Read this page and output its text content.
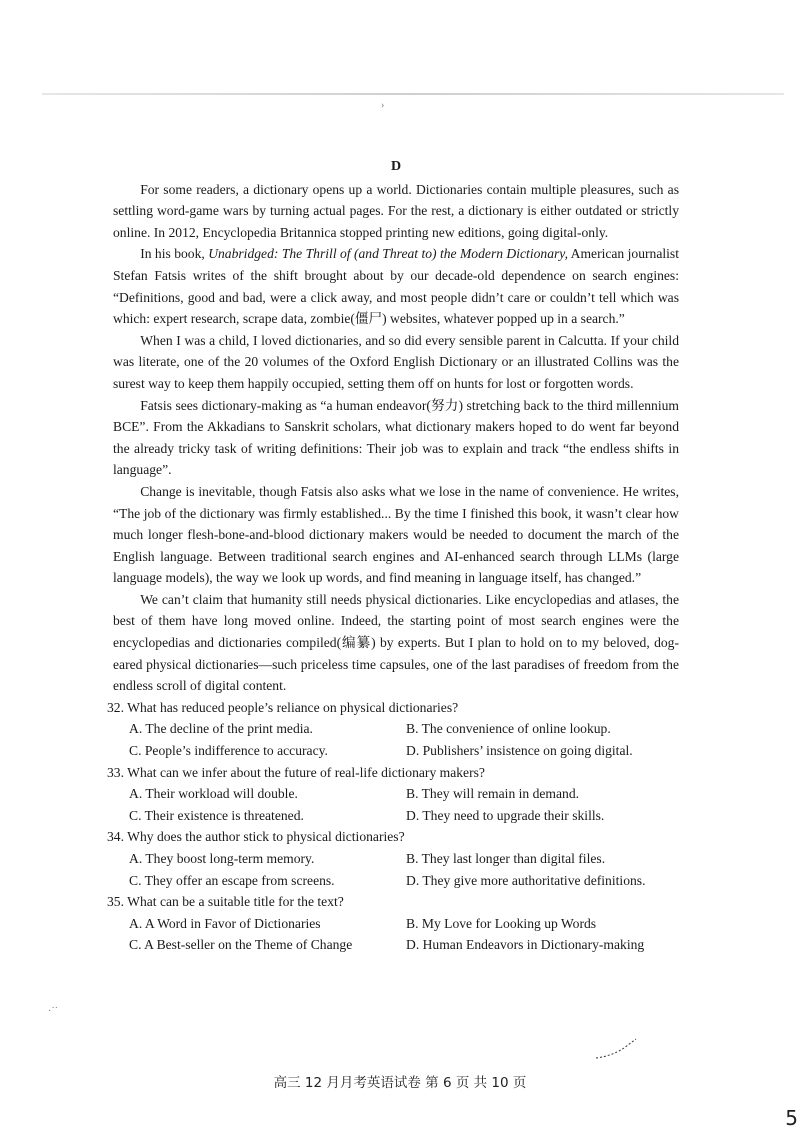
›
·˙˙

D

For some readers, a dictionary opens up a world. Dictionaries contain multiple pleasures, such as settling word-game wars by turning actual pages. For the rest, a dictionary is either outdated or strictly online. In 2012, Encyclopedia Britannica stopped printing new editions, going digital-only.

In his book, Unabridged: The Thrill of (and Threat to) the Modern Dictionary, American journalist Stefan Fatsis writes of the shift brought about by our decade-old dependence on search engines: “Definitions, good and bad, were a click away, and most people didn’t care or couldn’t tell which was which: expert research, scrape data, zombie(僵尸) websites, whatever popped up in a search.”

When I was a child, I loved dictionaries, and so did every sensible parent in Calcutta. If your child was literate, one of the 20 volumes of the Oxford English Dictionary or an illustrated Collins was the surest way to keep them happily occupied, setting them off on hunts for lost or forgotten words.

Fatsis sees dictionary-making as “a human endeavor(努力) stretching back to the third millennium BCE”. From the Akkadians to Sanskrit scholars, what dictionary makers hoped to do went far beyond the already tricky task of writing definitions: Their job was to explain and track “the endless shifts in language”.

Change is inevitable, though Fatsis also asks what we lose in the name of convenience. He writes, “The job of the dictionary was firmly established... By the time I finished this book, it wasn’t clear how much longer flesh-bone-and-blood dictionary makers would be needed to document the march of the English language. Between traditional search engines and AI-enhanced search through LLMs (large language models), the way we look up words, and find meaning in language itself, has changed.”

We can’t claim that humanity still needs physical dictionaries. Like encyclopedias and atlases, the best of them have long moved online. Indeed, the starting point of most search engines were the encyclopedias and dictionaries compiled(编纂) by experts. But I plan to hold on to my beloved, dog-eared physical dictionaries—such priceless time capsules, one of the last paradises of freedom from the endless scroll of digital content.

32. What has reduced people’s reliance on physical dictionaries?

A. The decline of the print media.	B. The convenience of online lookup.
C. People’s indifference to accuracy.	D. Publishers’ insistence on going digital.

33. What can we infer about the future of real-life dictionary makers?

A. Their workload will double.	B. They will remain in demand.
C. Their existence is threatened.	D. They need to upgrade their skills.

34. Why does the author stick to physical dictionaries?

A. They boost long-term memory.	B. They last longer than digital files.
C. They offer an escape from screens.	D. They give more authoritative definitions.

35. What can be a suitable title for the text?

A. A Word in Favor of Dictionaries	B. My Love for Looking up Words
C. A Best-seller on the Theme of Change	D. Human Endeavors in Dictionary-making
高三 12 月月考英语试卷 第 6 页 共 10 页
5
